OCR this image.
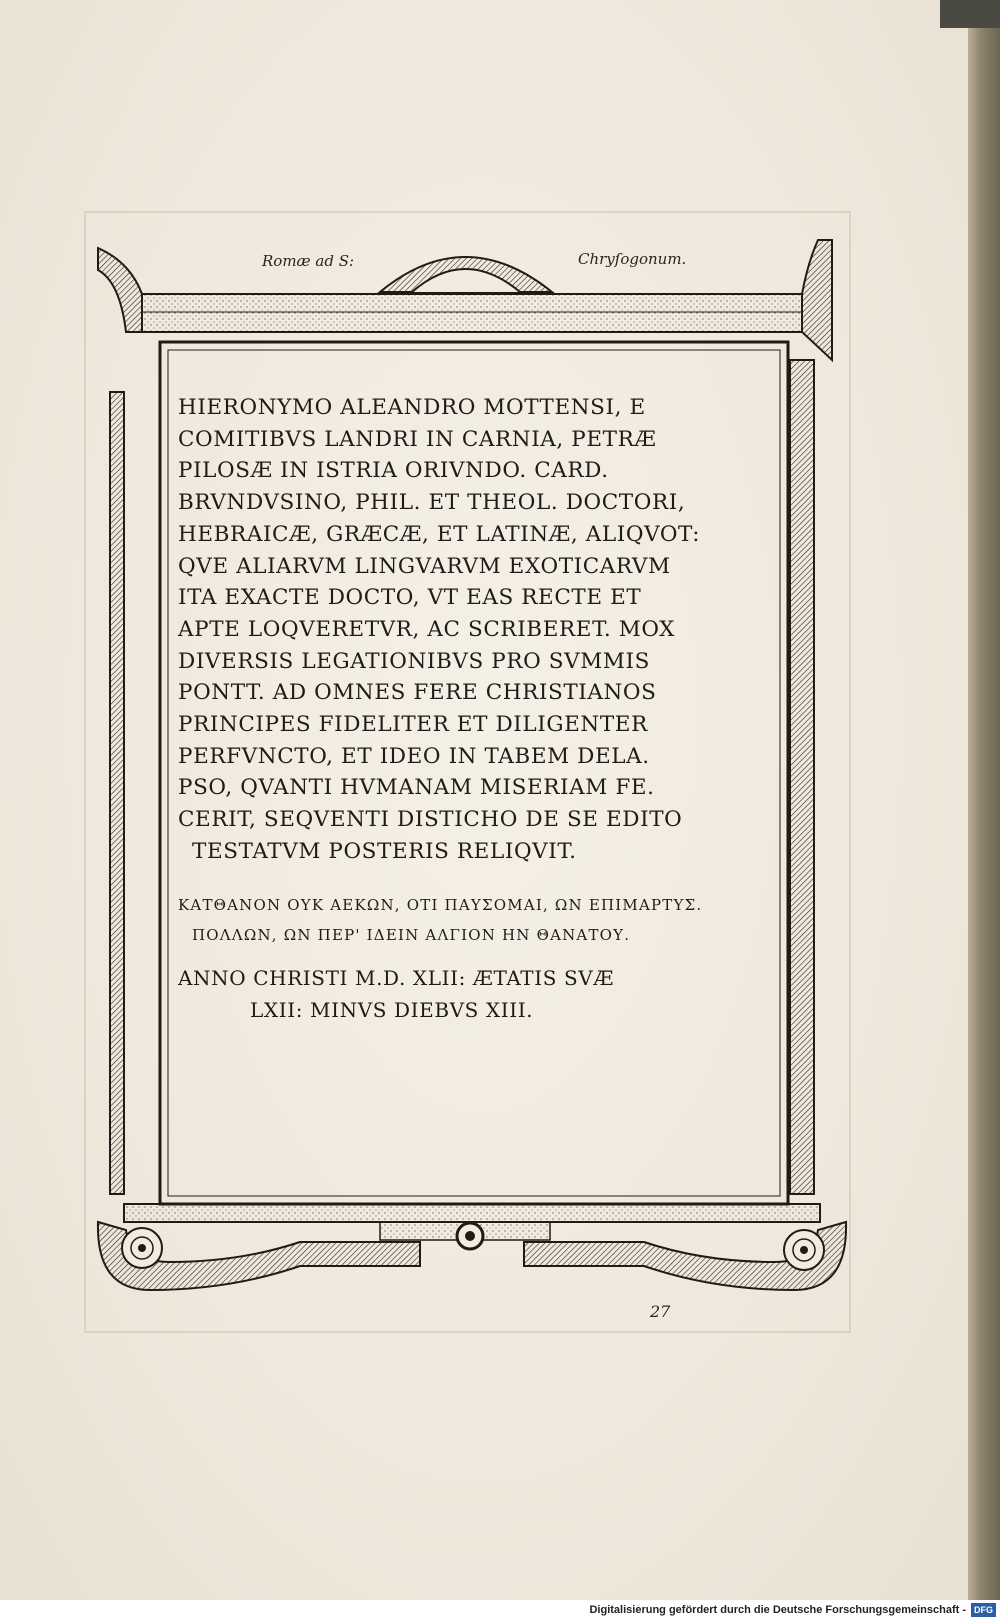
Romæ ad S:	Chryſogonum.
HIERONYMO ALEANDRO MOTTENSI, E
COMITIBVS LANDRI IN CARNIA, PETRÆ
PILOSÆ IN ISTRIA ORIVNDO. CARD.
BRVNDVSINO, PHIL. ET THEOL. DOCTORI,
HEBRAICÆ, GRÆCÆ, ET LATINÆ, ALIQVOT:
QVE ALIARVM LINGVARVM EXOTICARVM
ITA EXACTE DOCTO, VT EAS RECTE ET
APTE LOQVERETVR, AC SCRIBERET. MOX
DIVERSIS LEGATIONIBVS PRO SVMMIS
PONTT. AD OMNES FERE CHRISTIANOS
PRINCIPES FIDELITER ET DILIGENTER
PERFVNCTO, ET IDEO IN TABEM DELA.
PSO, QVANTI HVMANAM MISERIAM FE.
CERIT, SEQVENTI DISTICHO DE SE EDITO
TESTATVM POSTERIS RELIQVIT.
ΚΑΤΘΑΝΟΝ ΟΥΚ ΑΕΚΩΝ, ΟΤΙ ΠΑΥΣΟΜΑΙ, ΩΝ ΕΠΙΜΑΡΤΥΣ.
ΠΟΛΛΩΝ, ΩΝ ΠΕΡ' ΙΔΕΙΝ ΑΛΓΙΟΝ ΗΝ ΘΑΝΑΤΟΥ.
ANNO CHRISTI M.D. XLII: ÆTATIS SVÆ
LXII: MINVS DIEBVS XIII.
27
Digitalisierung gefördert durch die Deutsche Forschungsgemeinschaft - DFG
